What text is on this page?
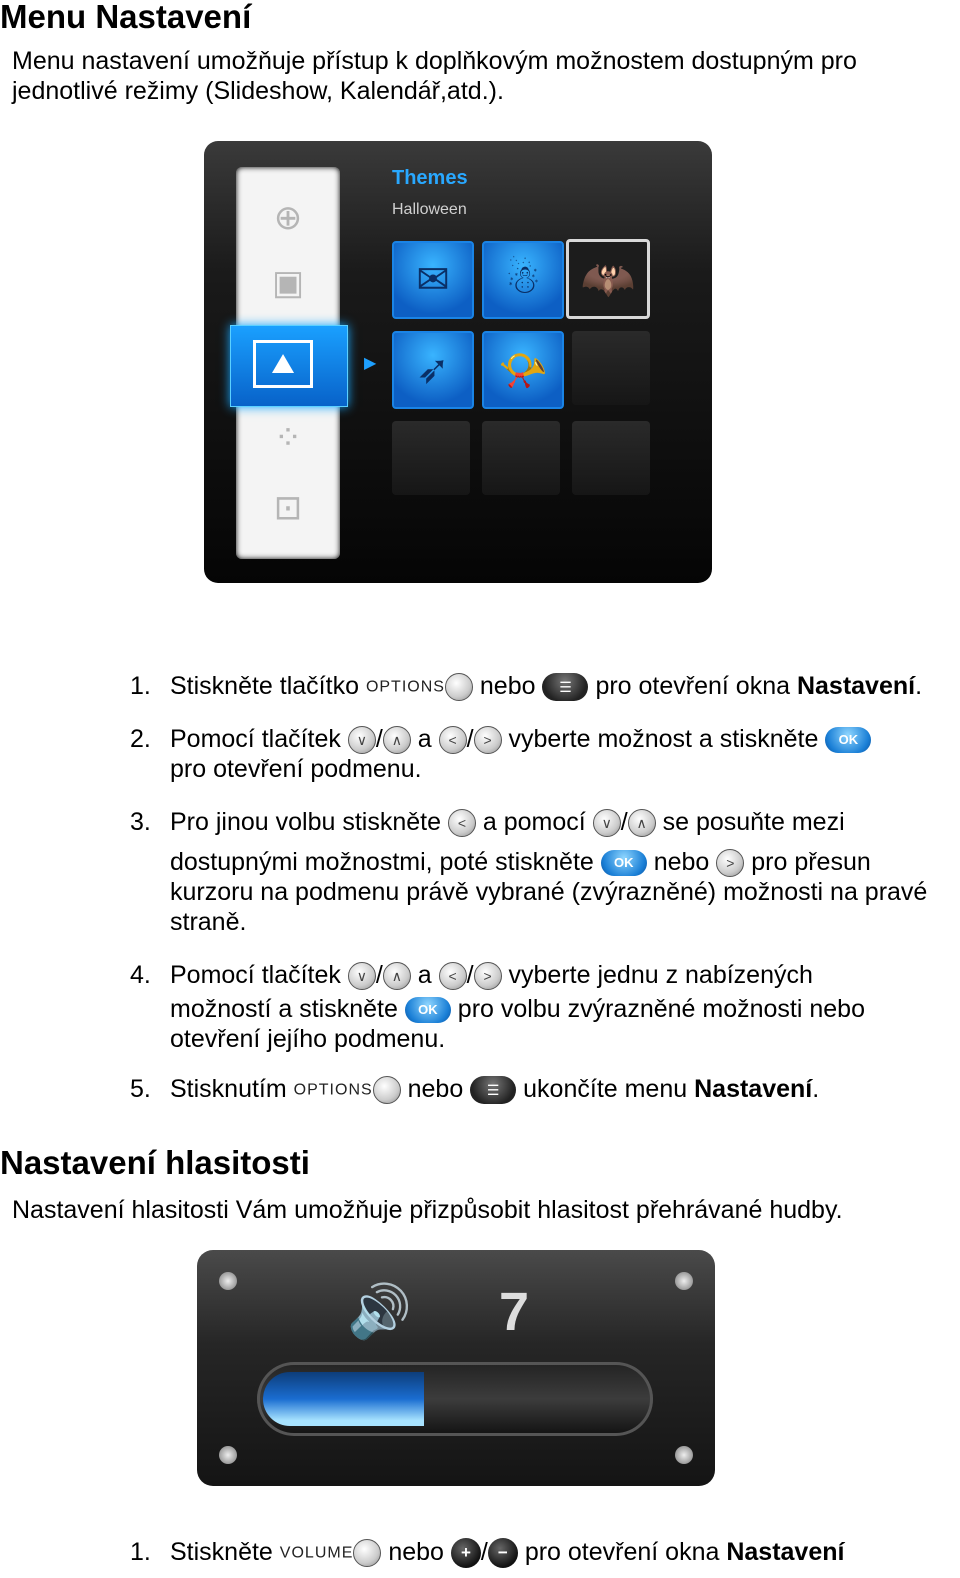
Menu Nastavení

Menu nastavení umožňuje přístup k doplňkovým možnostem dostupným pro

jednotlivé režimy (Slideshow, Kalendář,atd.).

⊕
▣
⁘
⊡
⛰	▶
Themes
Halloween
✉	☃ 🦇
➶	📯
1. Stiskněte tlačítko OPTIONS nebo ☰ pro otevření okna Nastavení.
2. Pomocí tlačítek ∨ / ∧ a < / > vyberte možnost a stiskněte OK
pro otevření podmenu.
3. Pro jinou volbu stiskněte < a pomocí ∨ / ∧ se posuňte mezi
dostupnými možnostmi, poté stiskněte OK nebo > pro přesun
kurzoru na podmenu právě vybrané (zvýrazněné) možnosti na pravé
straně.
4. Pomocí tlačítek ∨ / ∧ a < / > vyberte jednu z nabízených
možností a stiskněte OK pro volbu zvýrazněné možnosti nebo
otevření jejího podmenu.
5. Stisknutím OPTIONS nebo ☰ ukončíte menu Nastavení.
Nastavení hlasitosti

Nastavení hlasitosti Vám umožňuje přizpůsobit hlasitost přehrávané hudby.

🔊 7
1. Stiskněte VOLUME nebo + / − pro otevření okna Nastavení
